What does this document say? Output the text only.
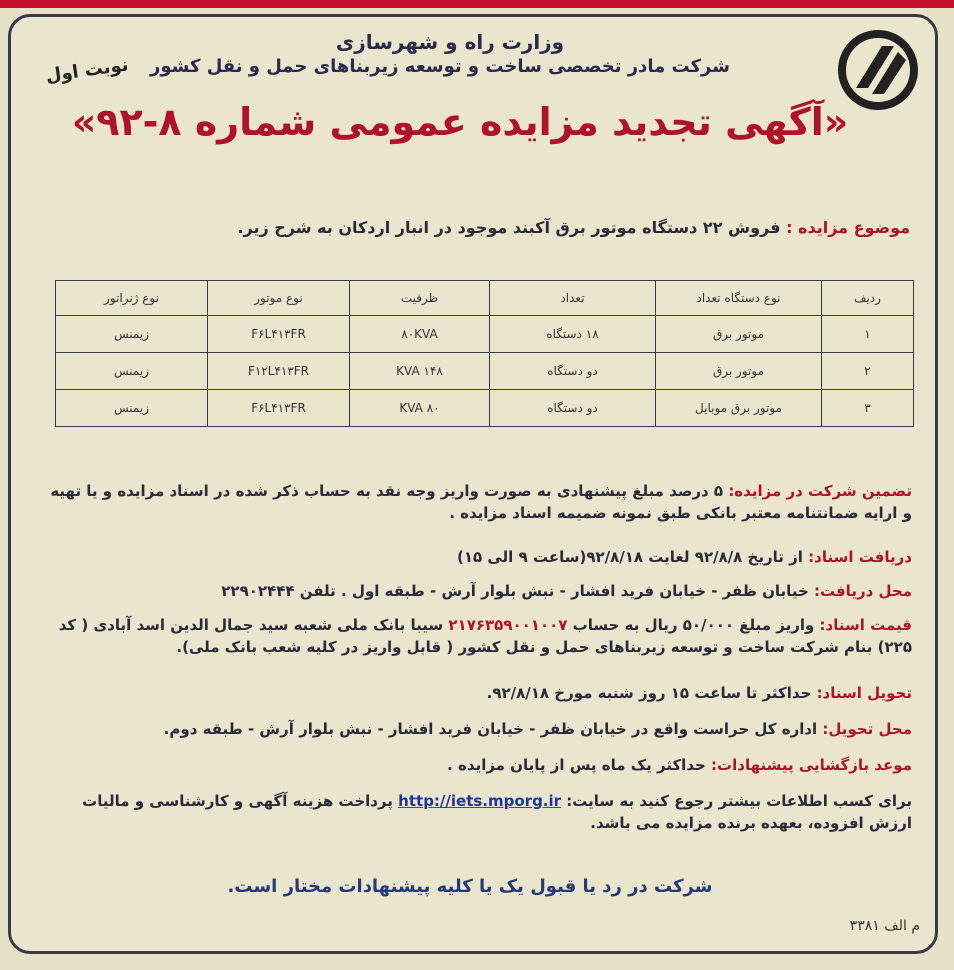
وزارت راه و شهرسازی
شرکت مادر تخصصی ساخت و توسعه زیربناهای حمل و نقل کشور
نوبت اول
«آگهی تجدید مزایده عمومی شماره ۸-۹۲»
موضوع مزایده : فروش ۲۲ دستگاه موتور برق آکبند موجود در انبار اردکان به شرح زیر.
ردیف	نوع دستگاه تعداد	تعداد	ظرفیت	نوع موتور	نوع ژنراتور
۱	موتور برق	۱۸ دستگاه	۸۰KVA	F۶L۴۱۳FR	زیمنس
۲	موتور برق	دو دستگاه	۱۴۸ KVA	F۱۲L۴۱۳FR	زیمنس
۳	موتور برق موبایل	دو دستگاه	۸۰ KVA	F۶L۴۱۳FR	زیمنس
تضمین شرکت در مزایده: ۵ درصد مبلغ پیشنهادی به صورت واریز وجه نقد به حساب ذکر شده در اسناد مزایده و یا تهیه و ارایه ضمانتنامه معتبر بانکی طبق نمونه ضمیمه اسناد مزایده .
دریافت اسناد: از تاریخ ۹۲/۸/۸ لغایت ۹۲/۸/۱۸(ساعت ۹ الی ۱۵)
محل دریافت: خیابان ظفر - خیابان فرید افشار - نبش بلوار آرش - طبقه اول . تلفن ۲۲۹۰۲۴۴۴
قیمت اسناد: واریز مبلغ ۵۰/۰۰۰ ریال به حساب ۲۱۷۶۳۵۹۰۰۱۰۰۷ سیبا بانک ملی شعبه سید جمال الدین اسد آبادی ( کد ۲۲۵) بنام شرکت ساخت و توسعه زیربناهای حمل و نقل کشور ( قابل واریز در کلیه شعب بانک ملی).
تحویل اسناد: حداکثر تا ساعت ۱۵ روز شنبه مورخ ۹۲/۸/۱۸.
محل تحویل: اداره کل حراست واقع در خیابان ظفر - خیابان فرید افشار - نبش بلوار آرش - طبقه دوم.
موعد بازگشایی پیشنهادات: حداکثر یک ماه پس از پایان مزایده .
برای کسب اطلاعات بیشتر رجوع کنید به سایت: http://iets.mporg.ir پرداخت هزینه آگهی و کارشناسی و مالیات ارزش افزوده، بعهده برنده مزایده می باشد.
شرکت در رد یا قبول یک یا کلیه پیشنهادات مختار است.
م الف ۳۳۸۱
